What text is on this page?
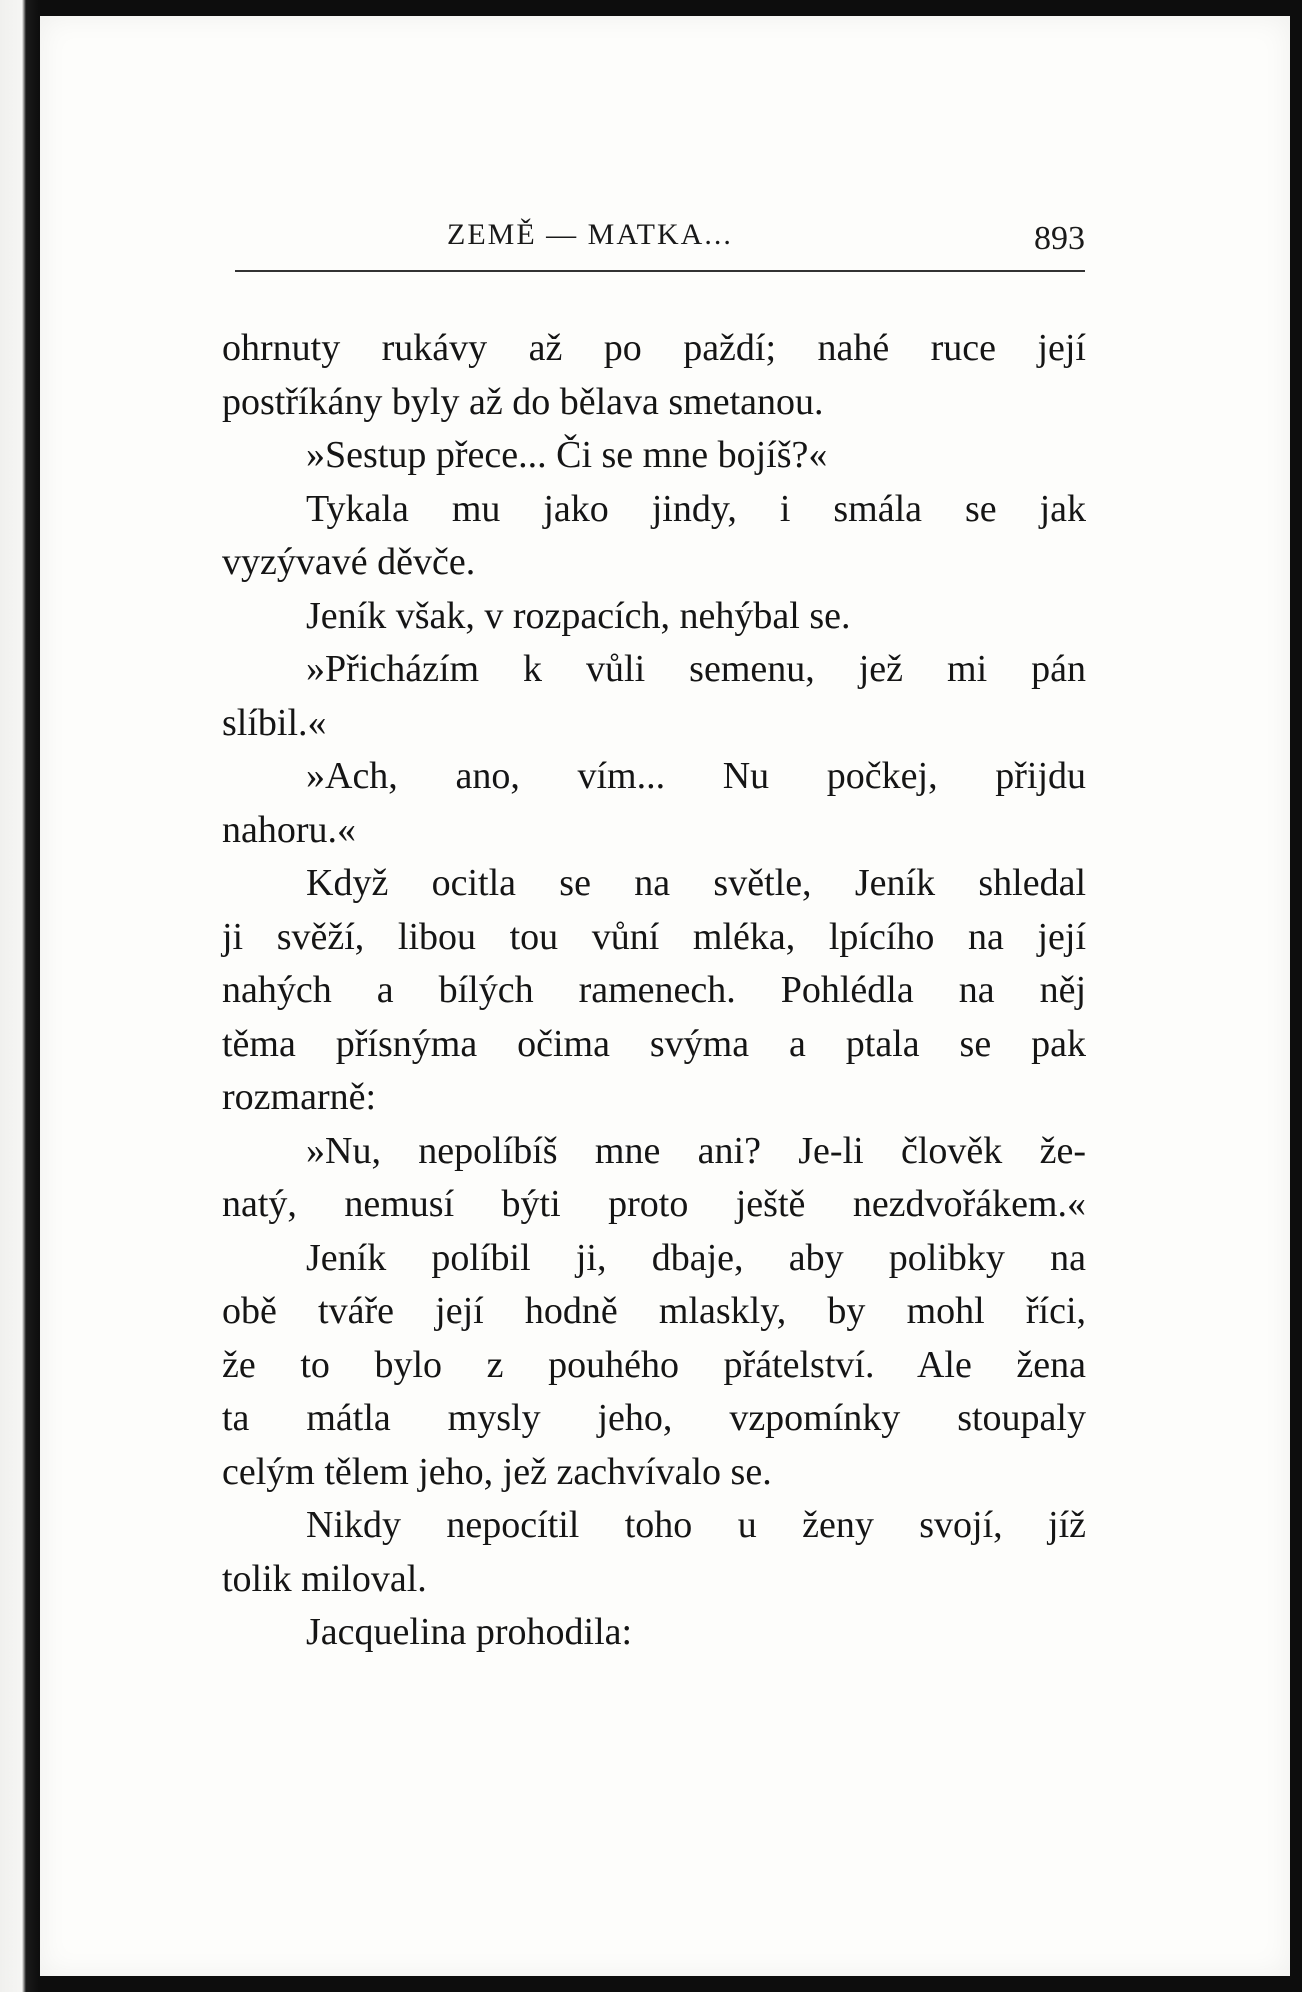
ZEMĚ — MATKA...	893
ohrnuty rukávy až po paždí; nahé ruce její
postříkány byly až do bělava smetanou.
»Sestup přece... Či se mne bojíš?«
Tykala mu jako jindy, i smála se jak
vyzývavé děvče.
Jeník však, v rozpacích, nehýbal se.
»Přicházím k vůli semenu, jež mi pán
slíbil.«
»Ach, ano, vím... Nu počkej, přijdu
nahoru.«
Když ocitla se na světle, Jeník shledal
ji svěží, libou tou vůní mléka, lpícího na její
nahých a bílých ramenech. Pohlédla na něj
těma přísnýma očima svýma a ptala se pak
rozmarně:
»Nu, nepolíbíš mne ani? Je-li člověk že-
natý, nemusí býti proto ještě nezdvořákem.«
Jeník políbil ji, dbaje, aby polibky na
obě tváře její hodně mlaskly, by mohl říci,
že to bylo z pouhého přátelství. Ale žena
ta mátla mysly jeho, vzpomínky stoupaly
celým tělem jeho, jež zachvívalo se.
Nikdy nepocítil toho u ženy svojí, jíž
tolik miloval.
Jacquelina prohodila:
